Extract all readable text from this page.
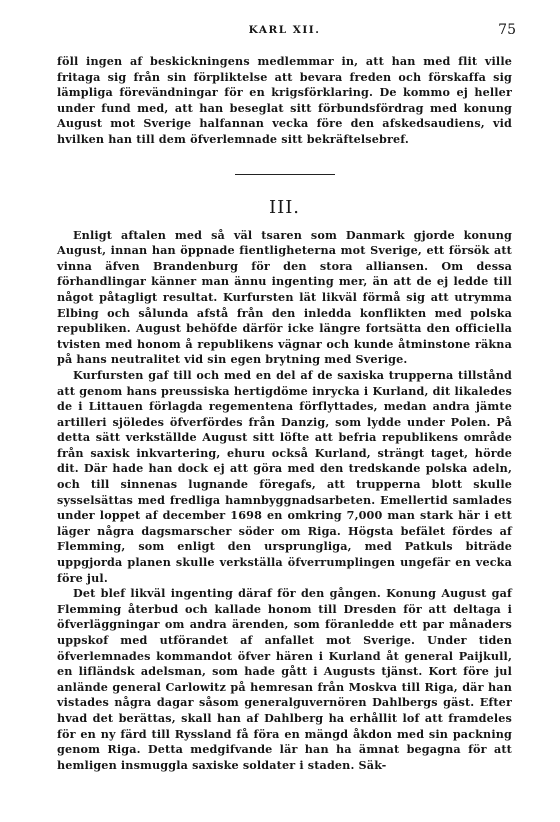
KARL XII.	75

föll ingen af beskickningens medlemmar in, att han med flit ville fritaga sig från sin förpliktelse att bevara freden och förskaffa sig lämpliga förevändningar för en krigsförklaring. De kommo ej heller under fund med, att han beseglat sitt förbundsfördrag med konung August mot Sverige halfannan vecka före den afskedsaudiens, vid hvilken han till dem öfverlemnade sitt bekräftelsebref.

III.

Enligt aftalen med så väl tsaren som Danmark gjorde konung August, innan han öppnade fientligheterna mot Sverige, ett försök att vinna äfven Brandenburg för den stora alliansen. Om dessa förhandlingar känner man ännu ingenting mer, än att de ej ledde till något påtagligt resultat. Kurfursten lät likväl förmå sig att utrymma Elbing och sålunda afstå från den inledda konflikten med polska republiken. August behöfde därför icke längre fortsätta den officiella tvisten med honom å republikens vägnar och kunde åtminstone räkna på hans neutralitet vid sin egen brytning med Sverige.

Kurfursten gaf till och med en del af de saxiska trupperna tillstånd att genom hans preussiska hertigdöme inrycka i Kurland, dit likaledes de i Littauen förlagda regementena förflyttades, medan andra jämte artilleri sjöledes öfverfördes från Danzig, som lydde under Polen. På detta sätt verkställde August sitt löfte att befria republikens område från saxisk inkvartering, ehuru också Kurland, strängt taget, hörde dit. Där hade han dock ej att göra med den tredskande polska adeln, och till sinnenas lugnande föregafs, att trupperna blott skulle sysselsättas med fredliga hamnbyggnadsarbeten. Emellertid samlades under loppet af december 1698 en omkring 7,000 man stark här i ett läger några dagsmarscher söder om Riga. Högsta befälet fördes af Flemming, som enligt den ursprungliga, med Patkuls biträde uppgjorda planen skulle verkställa öfverrumplingen ungefär en vecka före jul.

Det blef likväl ingenting däraf för den gången. Konung August gaf Flemming återbud och kallade honom till Dresden för att deltaga i öfverläggningar om andra ärenden, som föranledde ett par månaders uppskof med utförandet af anfallet mot Sverige. Under tiden öfverlemnades kommandot öfver hären i Kurland åt general Paijkull, en lifländsk adelsman, som hade gått i Augusts tjänst. Kort före jul anlände general Carlowitz på hemresan från Moskva till Riga, där han vistades några dagar såsom generalguvernören Dahlbergs gäst. Efter hvad det berättas, skall han af Dahlberg ha erhållit lof att framdeles för en ny färd till Ryssland få föra en mängd åkdon med sin packning genom Riga. Detta medgifvande lär han ha ämnat begagna för att hemligen insmuggla saxiske soldater i staden. Säk-
